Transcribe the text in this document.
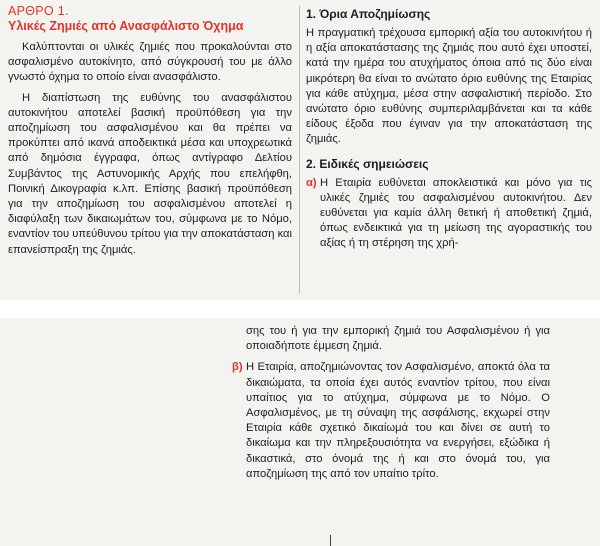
ΑΡΘΡΟ 1.
Υλικές Ζημιές από Ανασφάλιστο Όχημα

Καλύπτονται οι υλικές ζημιές που προκαλούνται στο ασφαλισμένο αυτοκίνητο, από σύγκρουσή του με άλλο γνωστό όχημα το οποίο είναι ανασφάλιστο.

Η διαπίστωση της ευθύνης του ανασφάλιστου αυτοκινήτου αποτελεί βασική προϋπόθεση για την αποζημίωση του ασφαλισμένου και θα πρέπει να προκύπτει από ικανά αποδεικτικά μέσα και υποχρεωτικά από δημόσια έγγραφα, όπως αντίγραφο Δελτίου Συμβάντος της Αστυνομικής Αρχής που επελήφθη, Ποινική Δικογραφία κ.λπ. Επίσης βασική προϋπόθεση για την αποζημίωση του ασφαλισμένου αποτελεί η διαφύλαξη των δικαιωμάτων του, σύμφωνα με το Νόμο, εναντίον του υπεύθυνου τρίτου για την αποκατάσταση και επανείσπραξη της ζημιάς.

1. Όρια Αποζημίωσης

Η πραγματική τρέχουσα εμπορική αξία του αυτοκινήτου ή η αξία αποκατάστασης της ζημιάς που αυτό έχει υποστεί, κατά την ημέρα του ατυχήματος όποια από τις δύο είναι μικρότερη θα είναι το ανώτατο όριο ευθύνης της Εταιρίας για κάθε ατύχημα, μέσα στην ασφαλιστική περίοδο. Στο ανώτατο όριο ευθύνης συμπεριλαμβάνεται και τα κάθε είδους έξοδα που έγιναν για την αποκατάσταση της ζημιάς.

2. Ειδικές σημειώσεις

α) Η Εταιρία ευθύνεται αποκλειστικά και μόνο για τις υλικές ζημιές του ασφαλισμένου αυτοκινήτου. Δεν ευθύνεται για καμία άλλη θετική ή αποθετική ζημιά, όπως ενδεικτικά για τη μείωση της αγοραστικής του αξίας ή τη στέρηση της χρή-

σης του ή για την εμπορική ζημιά του Ασφαλισμένου ή για οποιαδήποτε έμμεση ζημιά.

β) Η Εταιρία, αποζημιώνοντας τον Ασφαλισμένο, αποκτά όλα τα δικαιώματα, τα οποία έχει αυτός εναντίον τρίτου, που είναι υπαίτιος για το ατύχημα, σύμφωνα με το Νόμο. Ο Ασφαλισμένος, με τη σύναψη της ασφάλισης, εκχωρεί στην Εταιρία κάθε σχετικό δικαίωμά του και δίνει σε αυτή το δικαίωμα και την πληρεξουσιότητα να ενεργήσει, εξώδικα ή δικαστικά, στο όνομά της ή και στο όνομά του, για αποζημίωση της από τον υπαίτιο τρίτο.
